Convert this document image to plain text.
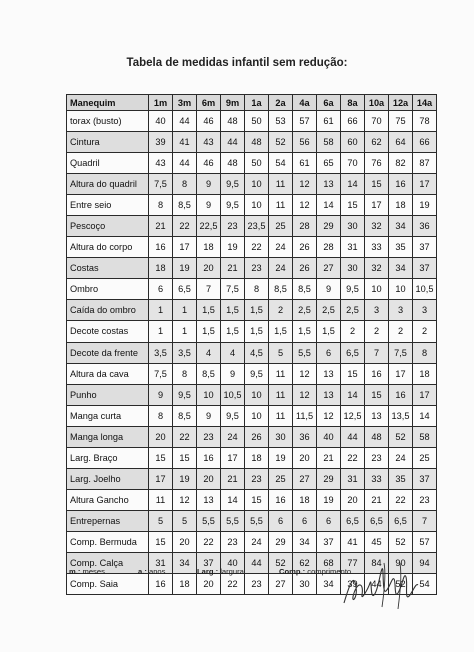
Tabela de medidas infantil sem redução:
Manequim	1m	3m	6m	9m	1a	2a	4a	6a	8a	10a	12a	14a
torax (busto)	40	44	46	48	50	53	57	61	66	70	75	78
Cintura	39	41	43	44	48	52	56	58	60	62	64	66
Quadril	43	44	46	48	50	54	61	65	70	76	82	87
Altura do quadril	7,5	8	9	9,5	10	11	12	13	14	15	16	17
Entre seio	8	8,5	9	9,5	10	11	12	14	15	17	18	19
Pescoço	21	22	22,5	23	23,5	25	28	29	30	32	34	36
Altura do corpo	16	17	18	19	22	24	26	28	31	33	35	37
Costas	18	19	20	21	23	24	26	27	30	32	34	37
Ombro	6	6,5	7	7,5	8	8,5	8,5	9	9,5	10	10	10,5
Caída do ombro	1	1	1,5	1,5	1,5	2	2,5	2,5	2,5	3	3	3
Decote costas	1	1	1,5	1,5	1,5	1,5	1,5	1,5	2	2	2	2
Decote da frente	3,5	3,5	4	4	4,5	5	5,5	6	6,5	7	7,5	8
Altura da cava	7,5	8	8,5	9	9,5	11	12	13	15	16	17	18
Punho	9	9,5	10	10,5	10	11	12	13	14	15	16	17
Manga curta	8	8,5	9	9,5	10	11	11,5	12	12,5	13	13,5	14
Manga longa	20	22	23	24	26	30	36	40	44	48	52	58
Larg. Braço	15	15	16	17	18	19	20	21	22	23	24	25
Larg. Joelho	17	19	20	21	23	25	27	29	31	33	35	37
Altura Gancho	11	12	13	14	15	16	18	19	20	21	22	23
Entrepernas	5	5	5,5	5,5	5,5	6	6	6	6,5	6,5	6,5	7
Comp. Bermuda	15	20	22	23	24	29	34	37	41	45	52	57
Comp. Calça	31	34	37	40	44	52	62	68	77	84	90	94
Comp. Saia	16	18	20	22	23	27	30	34	39	44	52	54
m.: meses	a.: anos	Larg.: largura	Comp.: comprimento
